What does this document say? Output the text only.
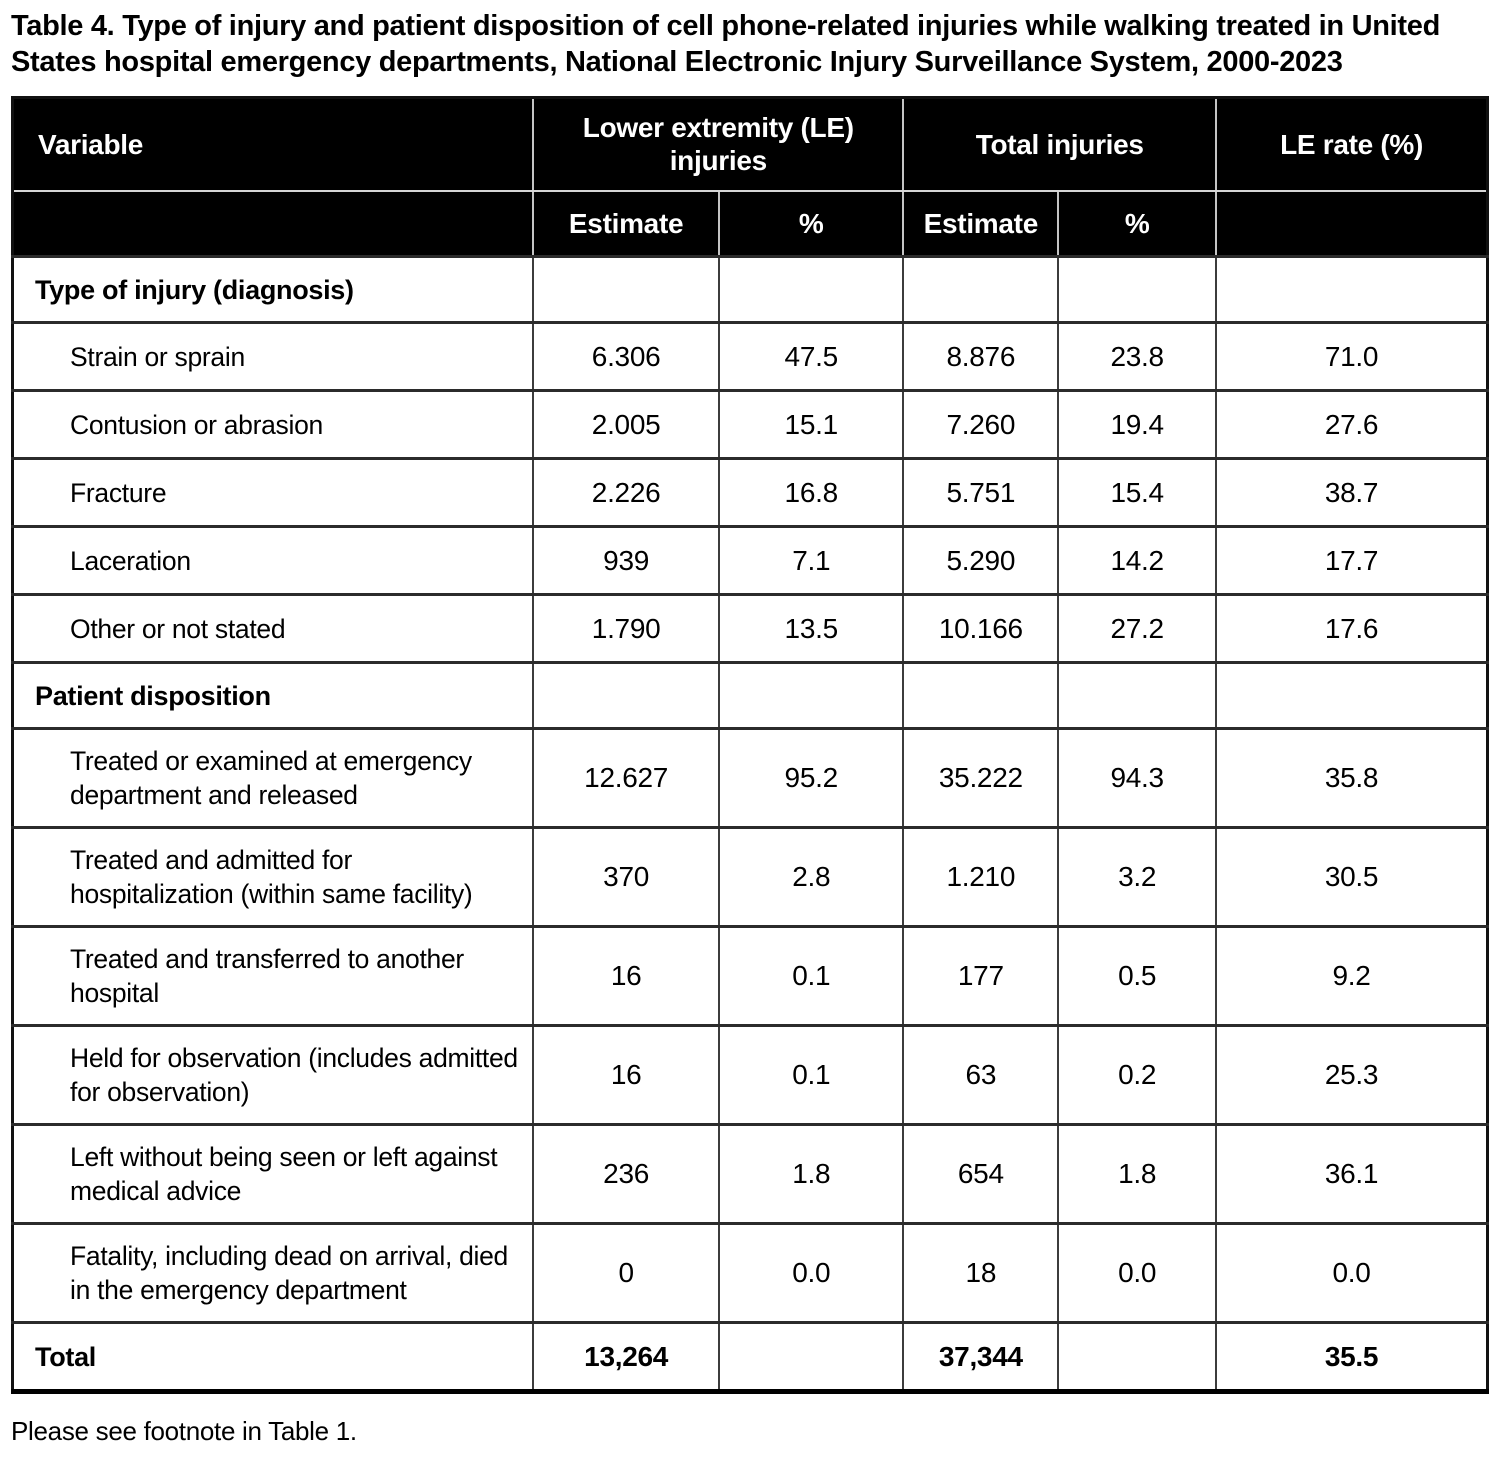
Table 4. Type of injury and patient disposition of cell phone-related injuries while walking treated in United States hospital emergency departments, National Electronic Injury Surveillance System, 2000-2023
Variable	Lower extremity (LE) injuries		Total injuries		LE rate (%)
	Estimate	%	Estimate	%	
Type of injury (diagnosis)					
Strain or sprain	6.306	47.5	8.876	23.8	71.0
Contusion or abrasion	2.005	15.1	7.260	19.4	27.6
Fracture	2.226	16.8	5.751	15.4	38.7
Laceration	939	7.1	5.290	14.2	17.7
Other or not stated	1.790	13.5	10.166	27.2	17.6
Patient disposition					
Treated or examined at emergency department and released	12.627	95.2	35.222	94.3	35.8
Treated and admitted for hospitalization (within same facility)	370	2.8	1.210	3.2	30.5
Treated and transferred to another hospital	16	0.1	177	0.5	9.2
Held for observation (includes admitted for observation)	16	0.1	63	0.2	25.3
Left without being seen or left against medical advice	236	1.8	654	1.8	36.1
Fatality, including dead on arrival, died in the emergency department	0	0.0	18	0.0	0.0
Total	13,264		37,344		35.5

Please see footnote in Table 1.
